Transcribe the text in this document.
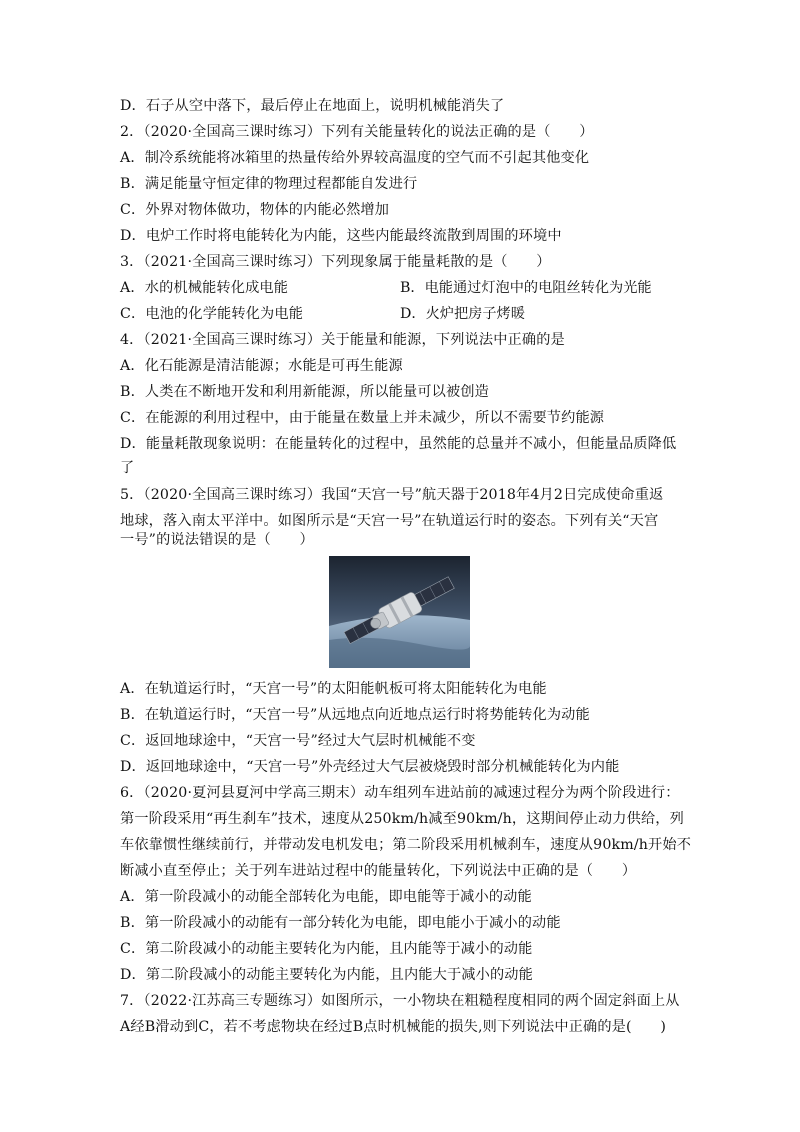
D．石子从空中落下，最后停止在地面上，说明机械能消失了
2．（2020·全国高三课时练习）下列有关能量转化的说法正确的是（　　）
A．制冷系统能将冰箱里的热量传给外界较高温度的空气而不引起其他变化
B．满足能量守恒定律的物理过程都能自发进行
C．外界对物体做功，物体的内能必然增加
D．电炉工作时将电能转化为内能，这些内能最终流散到周围的环境中
3．（2021·全国高三课时练习）下列现象属于能量耗散的是（　　）
A．水的机械能转化成电能	B．电能通过灯泡中的电阻丝转化为光能
C．电池的化学能转化为电能	D．火炉把房子烤暖
4．（2021·全国高三课时练习）关于能量和能源，下列说法中正确的是
A．化石能源是清洁能源；水能是可再生能源
B．人类在不断地开发和利用新能源，所以能量可以被创造
C．在能源的利用过程中，由于能量在数量上并未减少，所以不需要节约能源
D．能量耗散现象说明：在能量转化的过程中，虽然能的总量并不减小，但能量品质降低
了
5．（2020·全国高三课时练习）我国“天宫一号”航天器于2018年4月2日完成使命重返
地球，落入南太平洋中。如图所示是“天宫一号”在轨道运行时的姿态。下列有关“天宫
一号”的说法错误的是（　　）
A．在轨道运行时，“天宫一号”的太阳能帆板可将太阳能转化为电能
B．在轨道运行时，“天宫一号”从远地点向近地点运行时将势能转化为动能
C．返回地球途中，“天宫一号”经过大气层时机械能不变
D．返回地球途中，“天宫一号”外壳经过大气层被烧毁时部分机械能转化为内能
6．（2020·夏河县夏河中学高三期末）动车组列车进站前的减速过程分为两个阶段进行：
第一阶段采用“再生刹车”技术，速度从250km/h减至90km/h，这期间停止动力供给，列
车依靠惯性继续前行，并带动发电机发电；第二阶段采用机械刹车，速度从90km/h开始不
断减小直至停止；关于列车进站过程中的能量转化，下列说法中正确的是（　　）
A．第一阶段减小的动能全部转化为电能，即电能等于减小的动能
B．第一阶段减小的动能有一部分转化为电能，即电能小于减小的动能
C．第二阶段减小的动能主要转化为内能，且内能等于减小的动能
D．第二阶段减小的动能主要转化为内能，且内能大于减小的动能
7．（2022·江苏高三专题练习）如图所示，一小物块在粗糙程度相同的两个固定斜面上从
A经B滑动到C，若不考虑物块在经过B点时机械能的损失,则下列说法中正确的是(　　)
